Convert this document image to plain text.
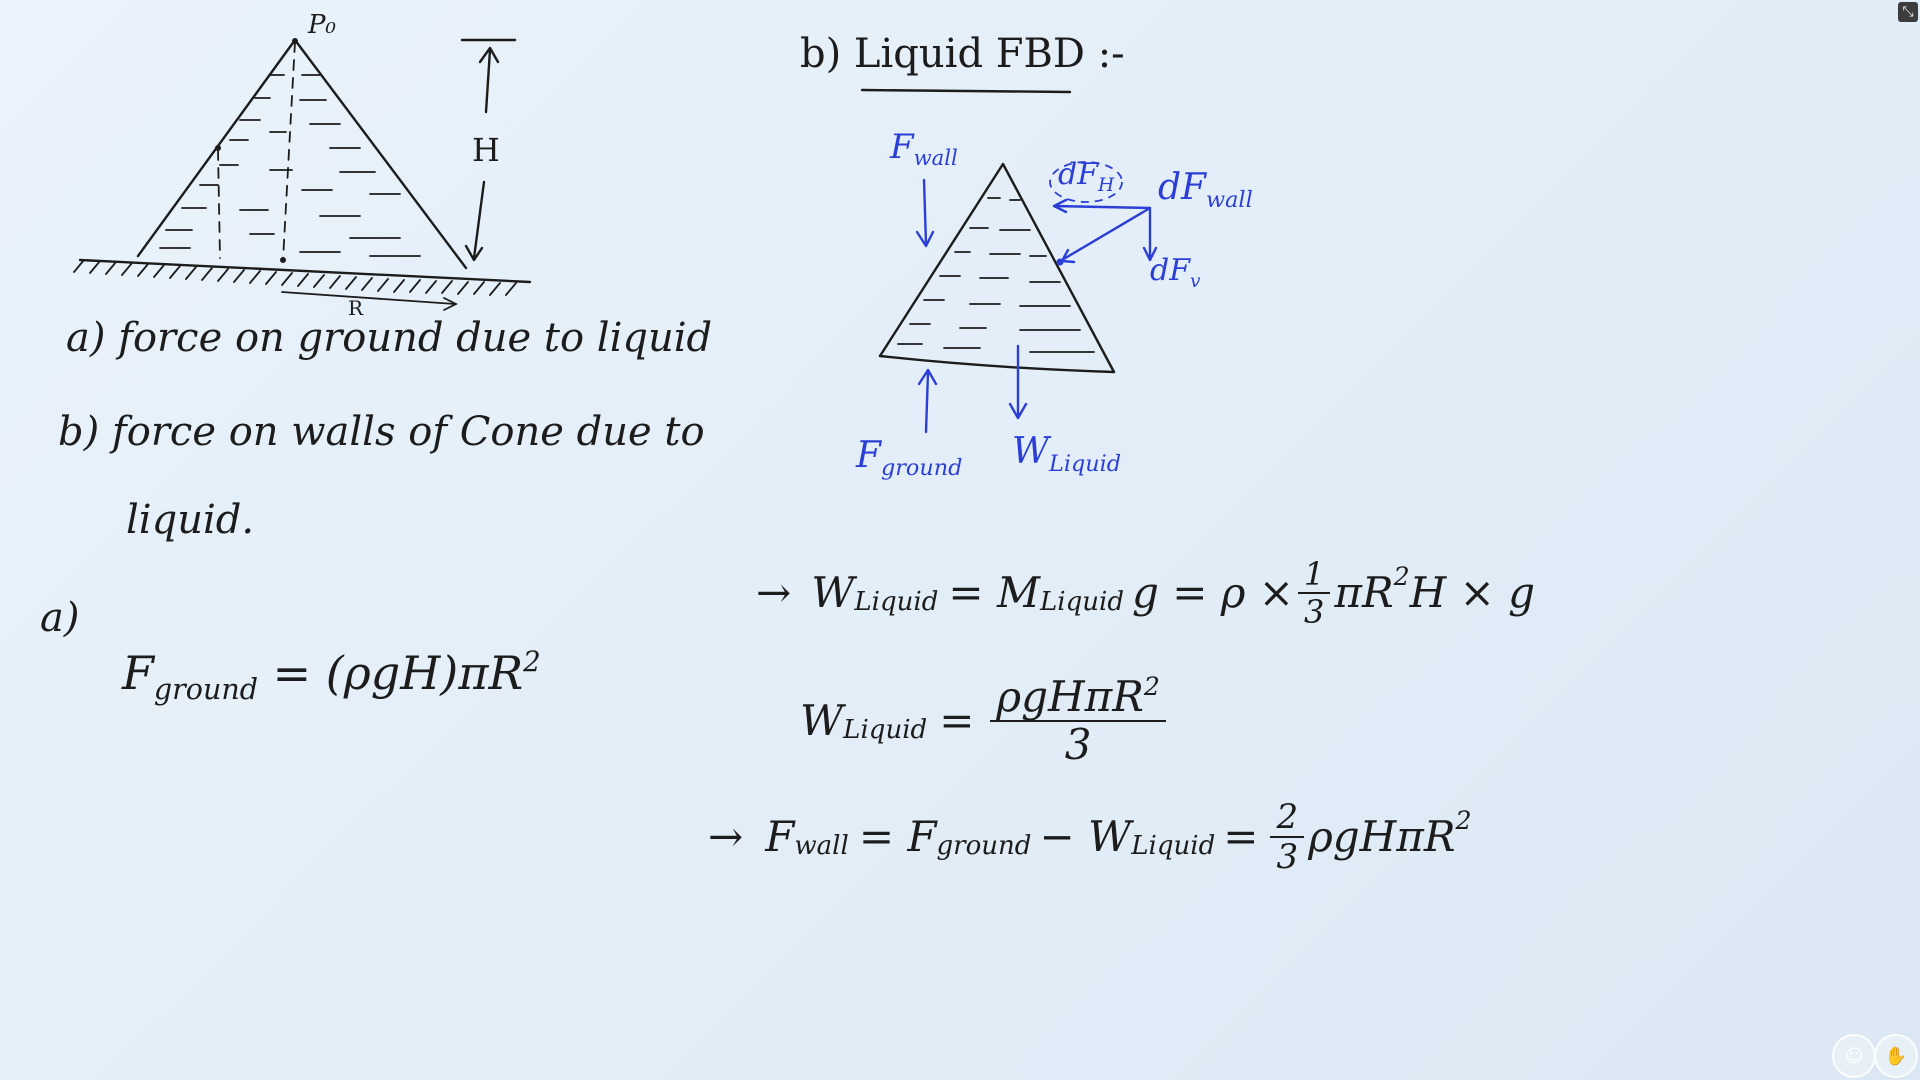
P₀
H
R
a) force on ground due to liquid
b) force on walls of Cone due to
liquid.
a)
$F_{ground} = (\rho gH)\pi R^2$
b) Liquid FBD :-
$F_{wall}$	$dF_H$ $dF_{wall}$
$dF_v$
$F_{ground}$ $W_{Liquid}$
→ W Liquid = M Liquid $g = \rho \times \frac{1}{3}$ πR 2 H × g
W Liquid = $\frac{\rho gH\pi R^2}{3}$
→ F wall = F ground − W Liquid = $\frac{2}{3}$ ρgHπR 2
⤡
☺	✋
